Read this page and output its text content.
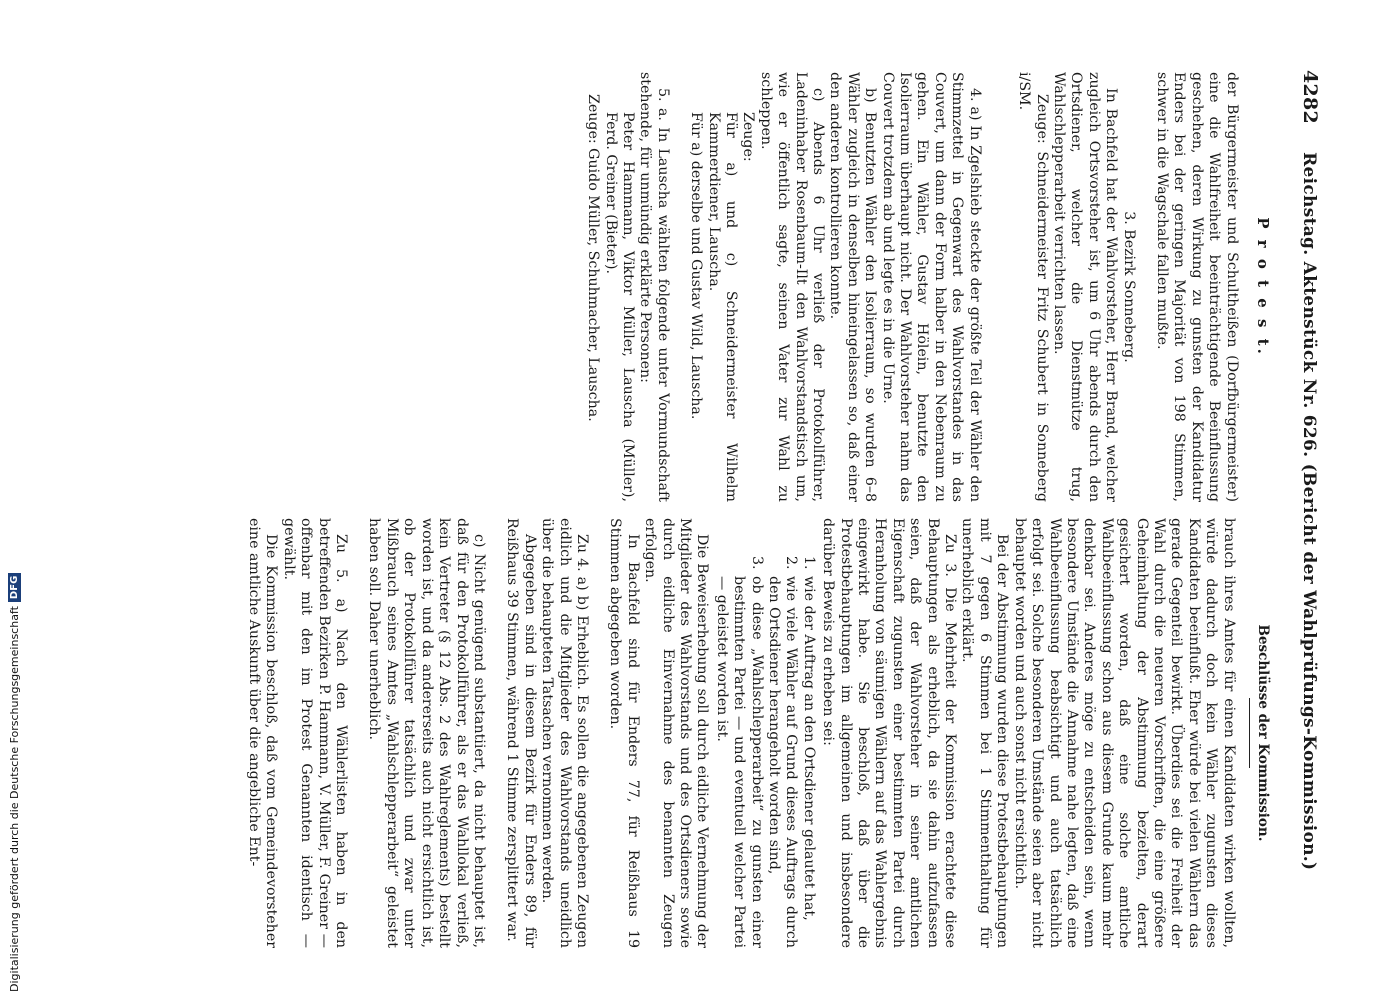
4282
Reichstag. Aktenstück Nr. 626. (Bericht der Wahlprüfungs-Kommission.)
P r o t e s t.

der Bürgermeister und Schultheißen (Dorfbürgermeister) eine die Wahlfreiheit beeinträchtigende Beeinflussung geschehen, deren Wirkung zu gunsten der Kandidatur Enders bei der geringen Majorität von 198 Stimmen, schwer in die Wagschale fallen mußte.

3. Bezirk Sonneberg.

In Bachfeld hat der Wahlvorsteher, Herr Brand, welcher zugleich Ortsvorsteher ist, um 6 Uhr abends durch den Ortsdiener, welcher die Dienstmütze trug, Wahlschlepperarbeit verrichten lassen.

Zeuge: Schneidermeister Fritz Schubert in Sonneberg i/SM.

4. a) In Zgelshieb steckte der größte Teil der Wähler den Stimmzettel in Gegenwart des Wahlvorstandes in das Couvert, um dann der Form halber in den Nebenraum zu gehen. Ein Wähler, Gustav Hölein, benutzte den Isolierraum überhaupt nicht. Der Wahlvorsteher nahm das Couvert trotzdem ab und legte es in die Urne.

b) Benutzten Wähler den Isolierraum, so wurden 6–8 Wähler zugleich in denselben hineingelassen so, daß einer den anderen kontrollieren konnte.

c) Abends 6 Uhr verließ der Protokollführer, Ladeninhaber Rosenbaum-Ilt den Wahlvorstandstisch um, wie er öffentlich sagte, seinen Vater zur Wahl zu schleppen.

Zeuge:

Für a) und c) Schneidermeister Wilhelm Kammerdiener, Lauscha.

Für a) derselbe und Gustav Wild, Lauscha.

5. a. In Lauscha wählten folgende unter Vormundschaft stehende, für unmündig erklärte Personen:

Peter Hammann, Viktor Müller, Lauscha (Müller), Ferd. Greiner (Bieter).

Zeuge: Guido Müller, Schuhmacher, Lauscha.

Beschlüsse der Kommission.

brauch ihres Amtes für einen Kandidaten wirken wollten, würde dadurch doch kein Wähler zugunsten dieses Kandidaten beeinflußt. Eher würde bei vielen Wählern das gerade Gegenteil bewirkt. Überdies sei die Freiheit der Wahl durch die neueren Vorschriften, die eine größere Geheimhaltung der Abstimmung bezielten, derart gesichert worden, daß eine solche amtliche Wahlbeeinflussung schon aus diesem Grunde kaum mehr denkbar sei. Anderes möge zu entscheiden sein, wenn besondere Umstände die Annahme nahe legten, daß eine Wahlbeeinflussung beabsichtigt und auch tatsächlich erfolgt sei. Solche besonderen Umstände seien aber nicht behauptet worden und auch sonst nicht ersichtlich.

Bei der Abstimmung wurden diese Protestbehauptungen mit 7 gegen 6 Stimmen bei 1 Stimmenthaltung für unerheblich erklärt.

Zu 3. Die Mehrheit der Kommission erachtete diese Behauptungen als erheblich, da sie dahin aufzufassen seien, daß der Wahlvorsteher in seiner amtlichen Eigenschaft zugunsten einer bestimmten Partei durch Heranholung von säumigen Wählern auf das Wahlergebnis eingewirkt habe. Sie beschloß, daß über die Protestbehauptungen im allgemeinen und insbesondere darüber Beweis zu erheben sei:

1. wie der Auftrag an den Ortsdiener gelautet hat,
2. wie viele Wähler auf Grund dieses Auftrags durch den Ortsdiener herangeholt worden sind,
3. ob diese „Wahlschlepperarbeit“ zu gunsten einer bestimmten Partei — und eventuell welcher Partei — geleistet worden ist.

Die Beweiserhebung soll durch eidliche Vernehmung der Mitglieder des Wahlvorstands und des Ortsdieners sowie durch eidliche Einvernahme des benannten Zeugen erfolgen.

In Bachfeld sind für Enders 77, für Reißhaus 19 Stimmen abgegeben worden.

Zu 4. a) b) Erheblich. Es sollen die angegebenen Zeugen eidlich und die Mitglieder des Wahlvorstands uneidlich über die behaupteten Tatsachen vernommen werden.

Abgegeben sind in diesem Bezirk für Enders 89, für Reißhaus 39 Stimmen, während 1 Stimme zersplittert war.

c) Nicht genügend substantiiert, da nicht behauptet ist, daß für den Protokollführer, als er das Wahllokal verließ, kein Vertreter (§ 12 Abs. 2 des Wahlreglements) bestellt worden ist, und da andererseits auch nicht ersichtlich ist, ob der Protokollführer tatsächlich und zwar unter Mißbrauch seines Amtes „Wahlschlepperarbeit“ geleistet haben soll. Daher unerheblich.

Zu 5. a) Nach den Wählerlisten haben in den betreffenden Bezirken P. Hammann, V. Müller, F. Greiner — offenbar mit den im Protest Genannten identisch — gewählt.

Die Kommission beschloß, daß vom Gemeindevorsteher eine amtliche Auskunft über die angebliche Ent-

Digitalisierung gefördert durch die Deutsche Forschungsgemeinschaft
DFG
